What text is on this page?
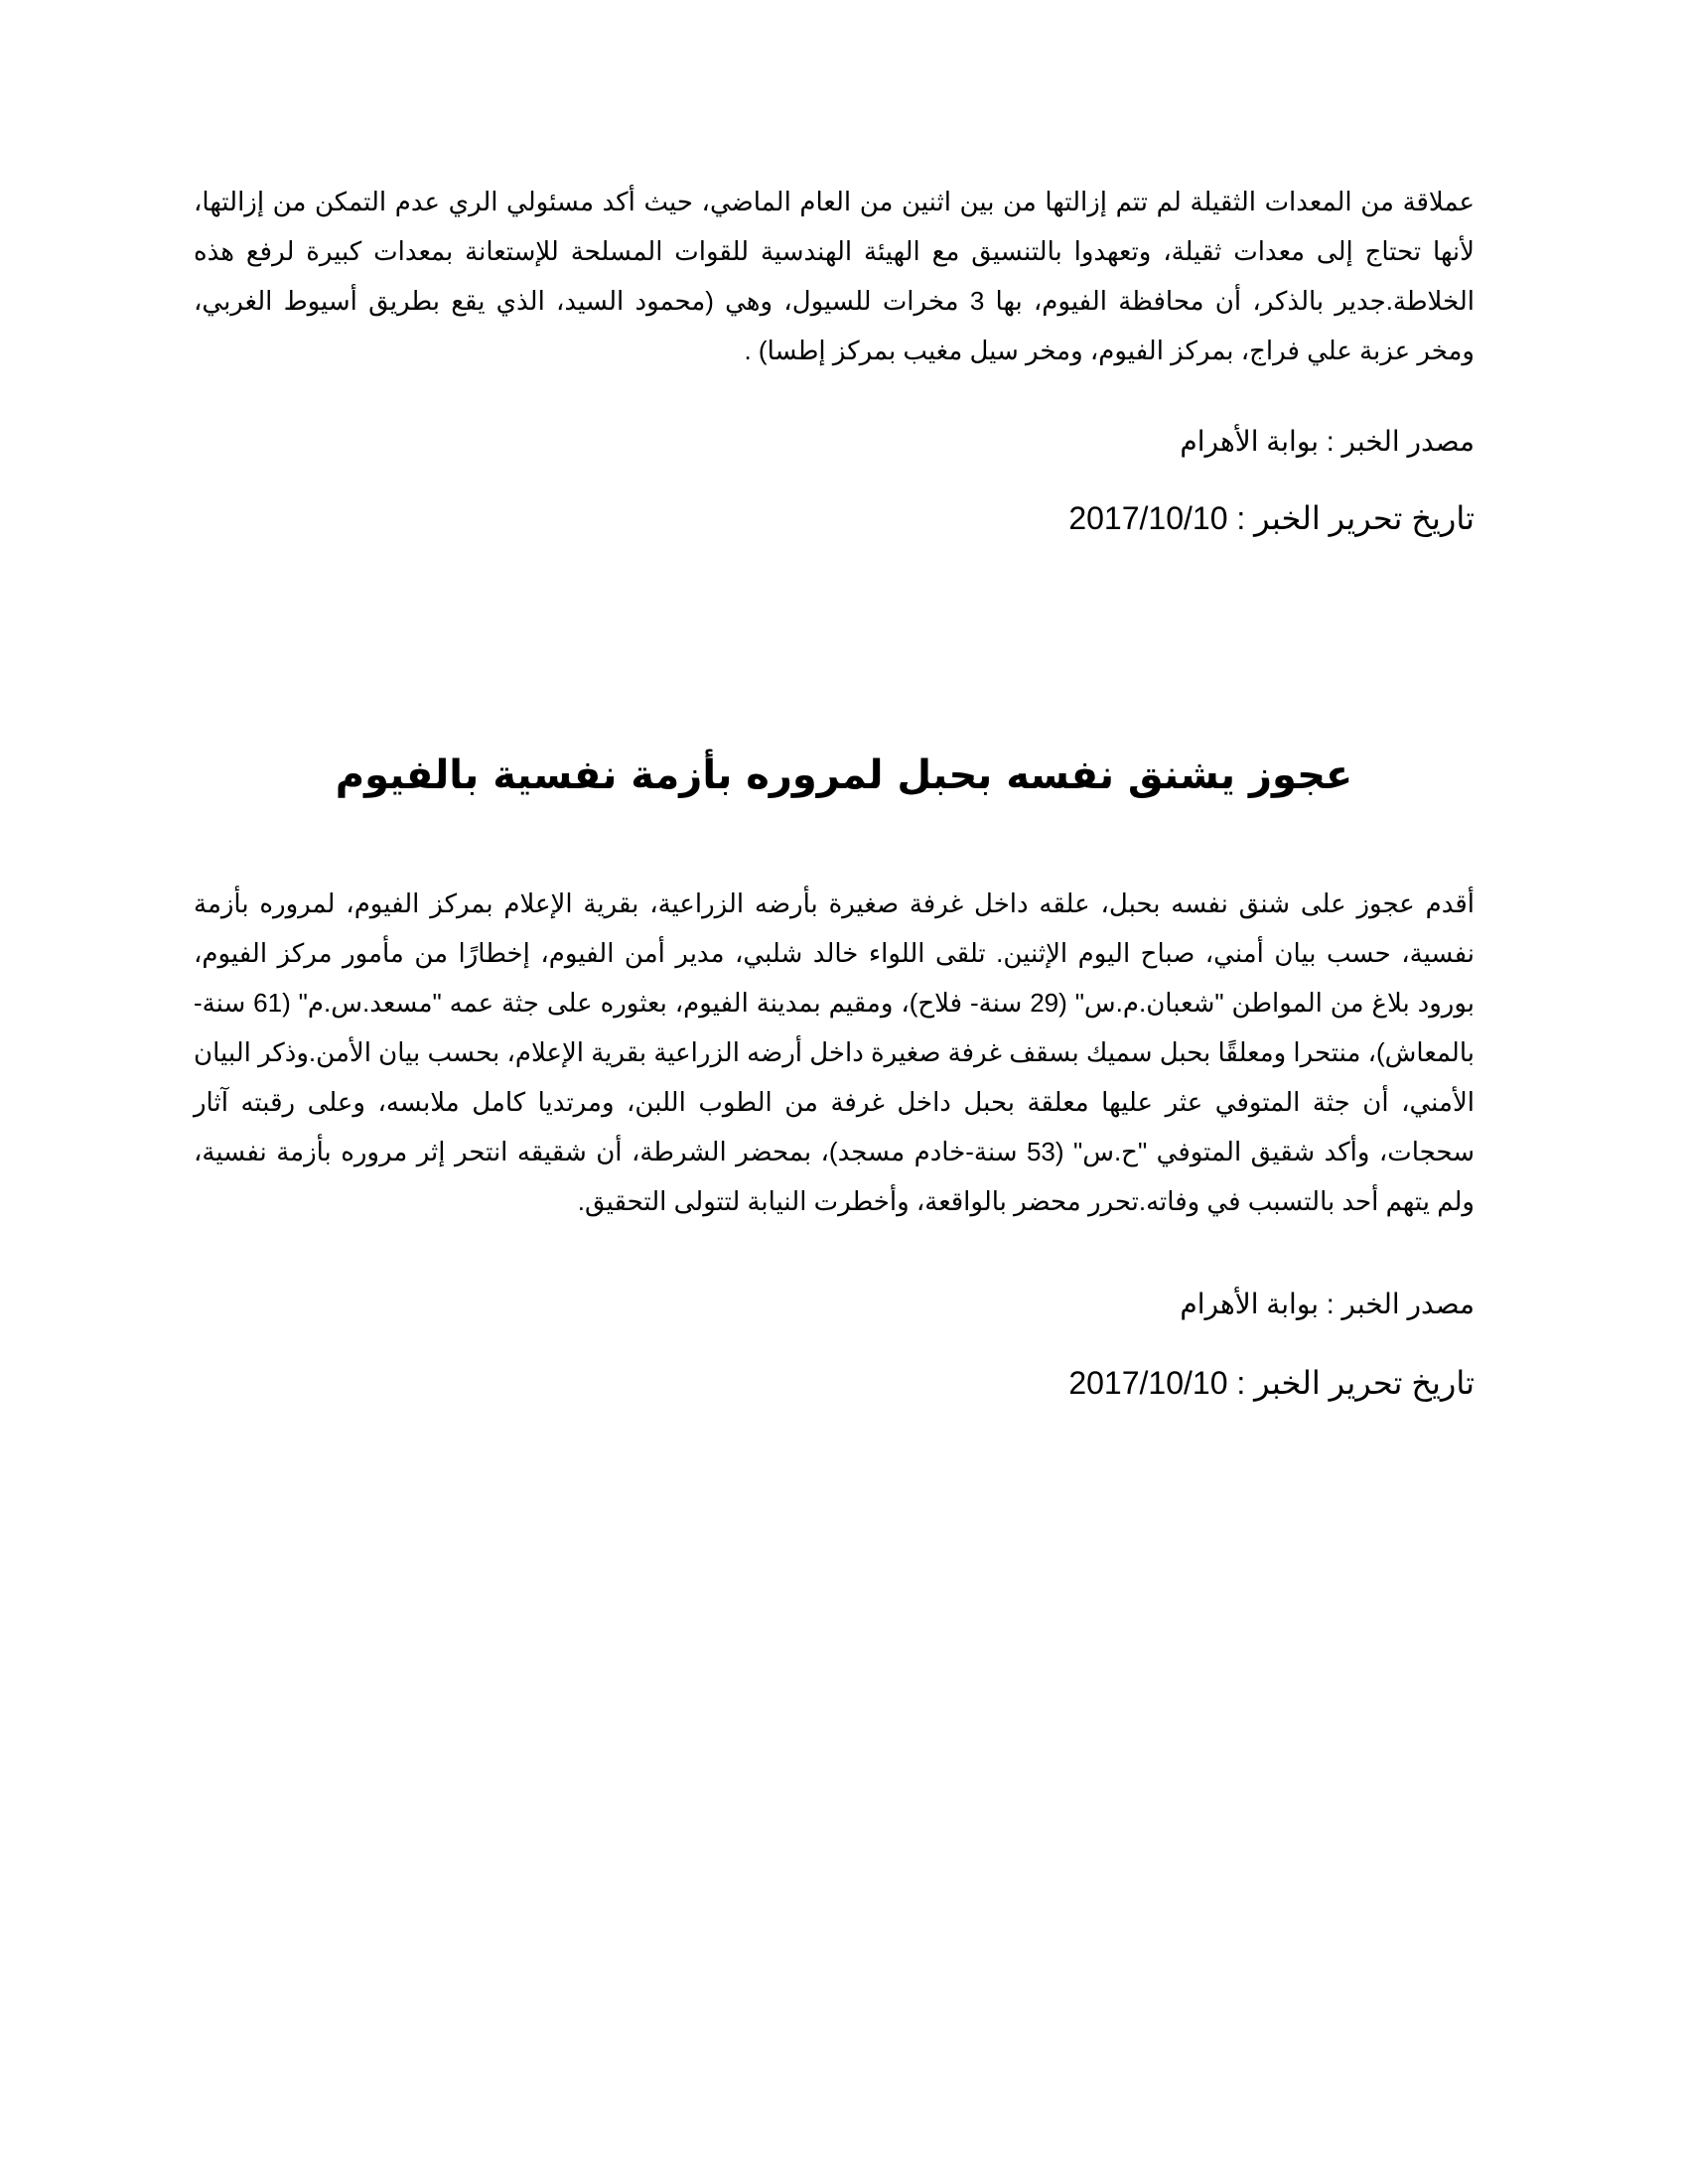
عملاقة من المعدات الثقيلة لم تتم إزالتها من بين اثنين من العام الماضي، حيث أكد مسئولي الري عدم التمكن من إزالتها، لأنها تحتاج إلى معدات ثقيلة، وتعهدوا بالتنسيق مع الهيئة الهندسية للقوات المسلحة للإستعانة بمعدات كبيرة لرفع هذه الخلاطة.جدير بالذكر، أن محافظة الفيوم، بها 3 مخرات للسيول، وهي (محمود السيد، الذي يقع بطريق أسيوط الغربي، ومخر عزبة علي فراج، بمركز الفيوم، ومخر سيل مغيب بمركز إطسا) .

مصدر الخبر : بوابة الأهرام
تاريخ تحرير الخبر : 2017/10/10
عجوز يشنق نفسه بحبل لمروره بأزمة نفسية بالفيوم

أقدم عجوز على شنق نفسه بحبل، علقه داخل غرفة صغيرة بأرضه الزراعية، بقرية الإعلام بمركز الفيوم، لمروره بأزمة نفسية، حسب بيان أمني، صباح اليوم الإثنين. تلقى اللواء خالد شلبي، مدير أمن الفيوم، إخطارًا من مأمور مركز الفيوم، بورود بلاغ من المواطن "شعبان.م.س" (29 سنة- فلاح)، ومقيم بمدينة الفيوم، بعثوره على جثة عمه "مسعد.س.م" (61 سنة- بالمعاش)، منتحرا ومعلقًا بحبل سميك بسقف غرفة صغيرة داخل أرضه الزراعية بقرية الإعلام، بحسب بيان الأمن.وذكر البيان الأمني، أن جثة المتوفي عثر عليها معلقة بحبل داخل غرفة من الطوب اللبن، ومرتديا كامل ملابسه، وعلى رقبته آثار سحجات، وأكد شقيق المتوفي "ح.س" (53 سنة-خادم مسجد)، بمحضر الشرطة، أن شقيقه انتحر إثر مروره بأزمة نفسية، ولم يتهم أحد بالتسبب في وفاته.تحرر محضر بالواقعة، وأخطرت النيابة لتتولى التحقيق.

مصدر الخبر : بوابة الأهرام
تاريخ تحرير الخبر : 2017/10/10
